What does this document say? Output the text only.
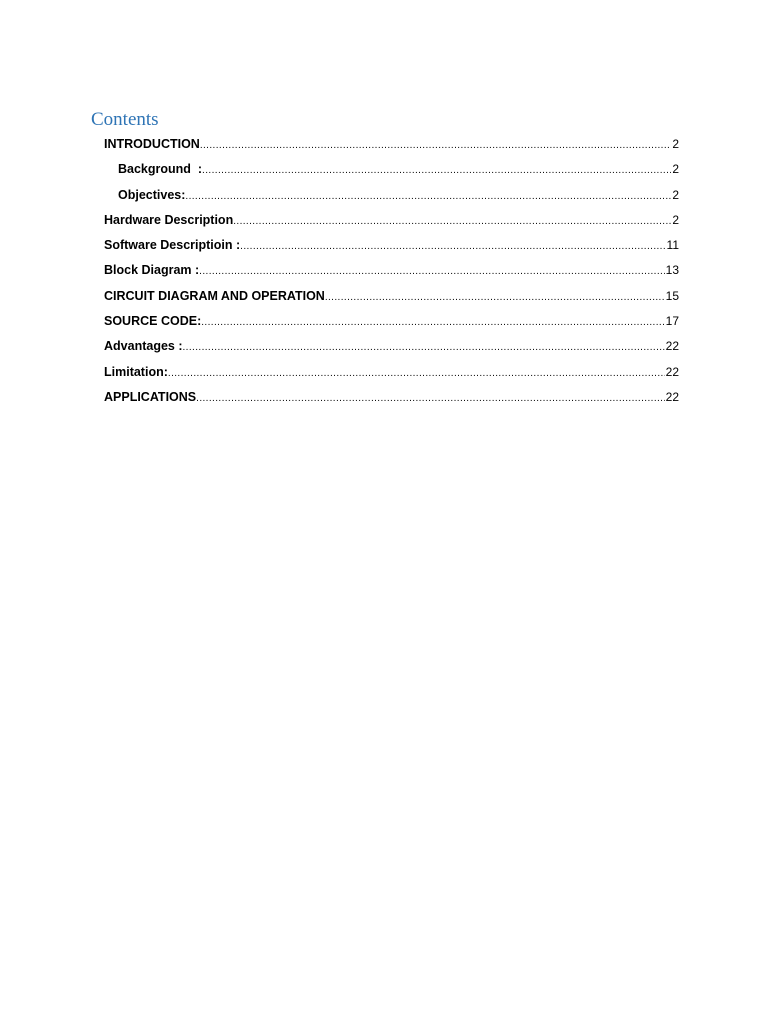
Contents
INTRODUCTION .....	2
Background  : .....	2
Objectives: .....	2
Hardware Description .....	2
Software Descriptioin : .....	11
Block Diagram : .....	13
CIRCUIT DIAGRAM AND OPERATION .....	15
SOURCE CODE: .....	17
Advantages : .....	22
Limitation: .....	22
APPLICATIONS .....	22
